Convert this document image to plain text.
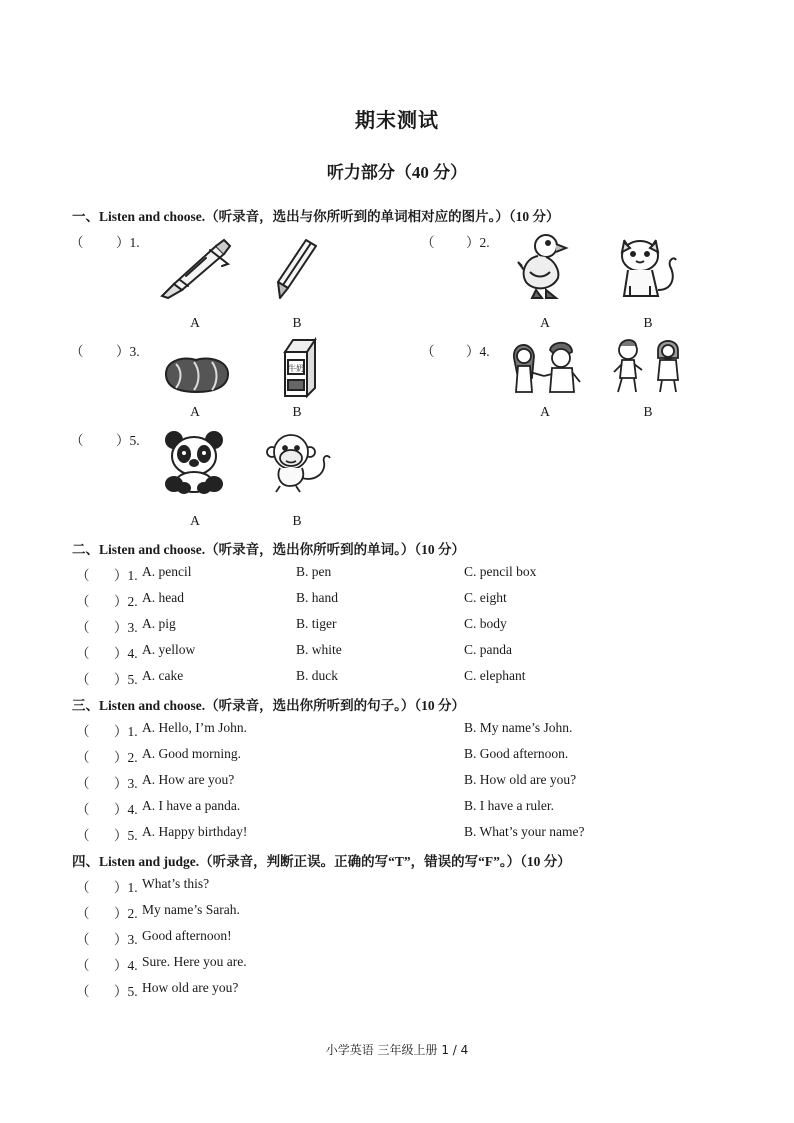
期末测试
听力部分（40 分）
一、Listen and choose.（听录音，选出与你所听到的单词相对应的图片。）（10 分）
（ ）1.
A	B
（ ）2.
A	B
（ ）3.
牛奶
A	B
（ ）4.
A	B
（ ）5.
A	B
二、Listen and choose.（听录音，选出你所听到的单词。）（10 分）
（ ）1. A. pencil	B. pen	C. pencil box
（ ）2. A. head	B. hand	C. eight
（ ）3. A. pig	B. tiger	C. body
（ ）4. A. yellow	B. white	C. panda
（ ）5. A. cake	B. duck	C. elephant
三、Listen and choose.（听录音，选出你所听到的句子。）（10 分）
（ ）1. A. Hello, I’m John.	B. My name’s John.
（ ）2. A. Good morning.	B. Good afternoon.
（ ）3. A. How are you?	B. How old are you?
（ ）4. A. I have a panda.	B. I have a ruler.
（ ）5. A. Happy birthday!	B. What’s your name?
四、Listen and judge.（听录音，判断正误。正确的写“T”，错误的写“F”。）（10 分）
（ ）1. What’s this?
（ ）2. My name’s Sarah.
（ ）3. Good afternoon!
（ ）4. Sure. Here you are.
（ ）5. How old are you?
小学英语 三年级上册 1 / 4
